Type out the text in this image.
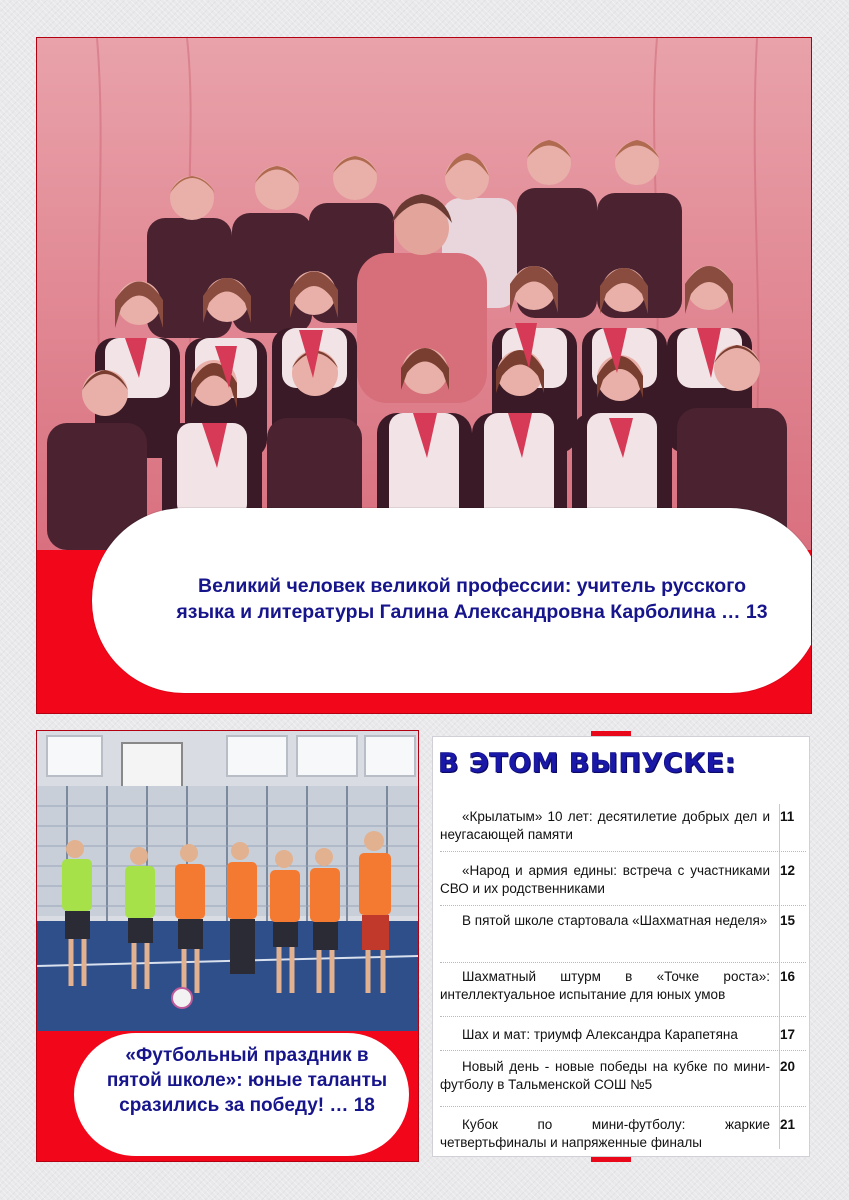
Великий человек великой профессии: учитель русского
языка и литературы Галина Александровна Карболина … 13
«Футбольный праздник в
пятой школе»: юные таланты
сразились за победу! … 18
В ЭТОМ ВЫПУСКЕ:
«Крылатым» 10 лет: десятилетие добрых дел и неугасающей памяти
11
«Народ и армия едины: встреча с участниками СВО и их родственниками
12
В пятой школе стартовала «Шахматная неделя» 15
Шахматный штурм в «Точке роста»: интеллектуальное испытание для юных умов
16
Шах и мат: триумф Александра Карапетяна	17
Новый день - новые победы на кубке по мини-футболу в Тальменской СОШ №5
20
Кубок по мини-футболу: жаркие четвертьфиналы и напряженные финалы
21
